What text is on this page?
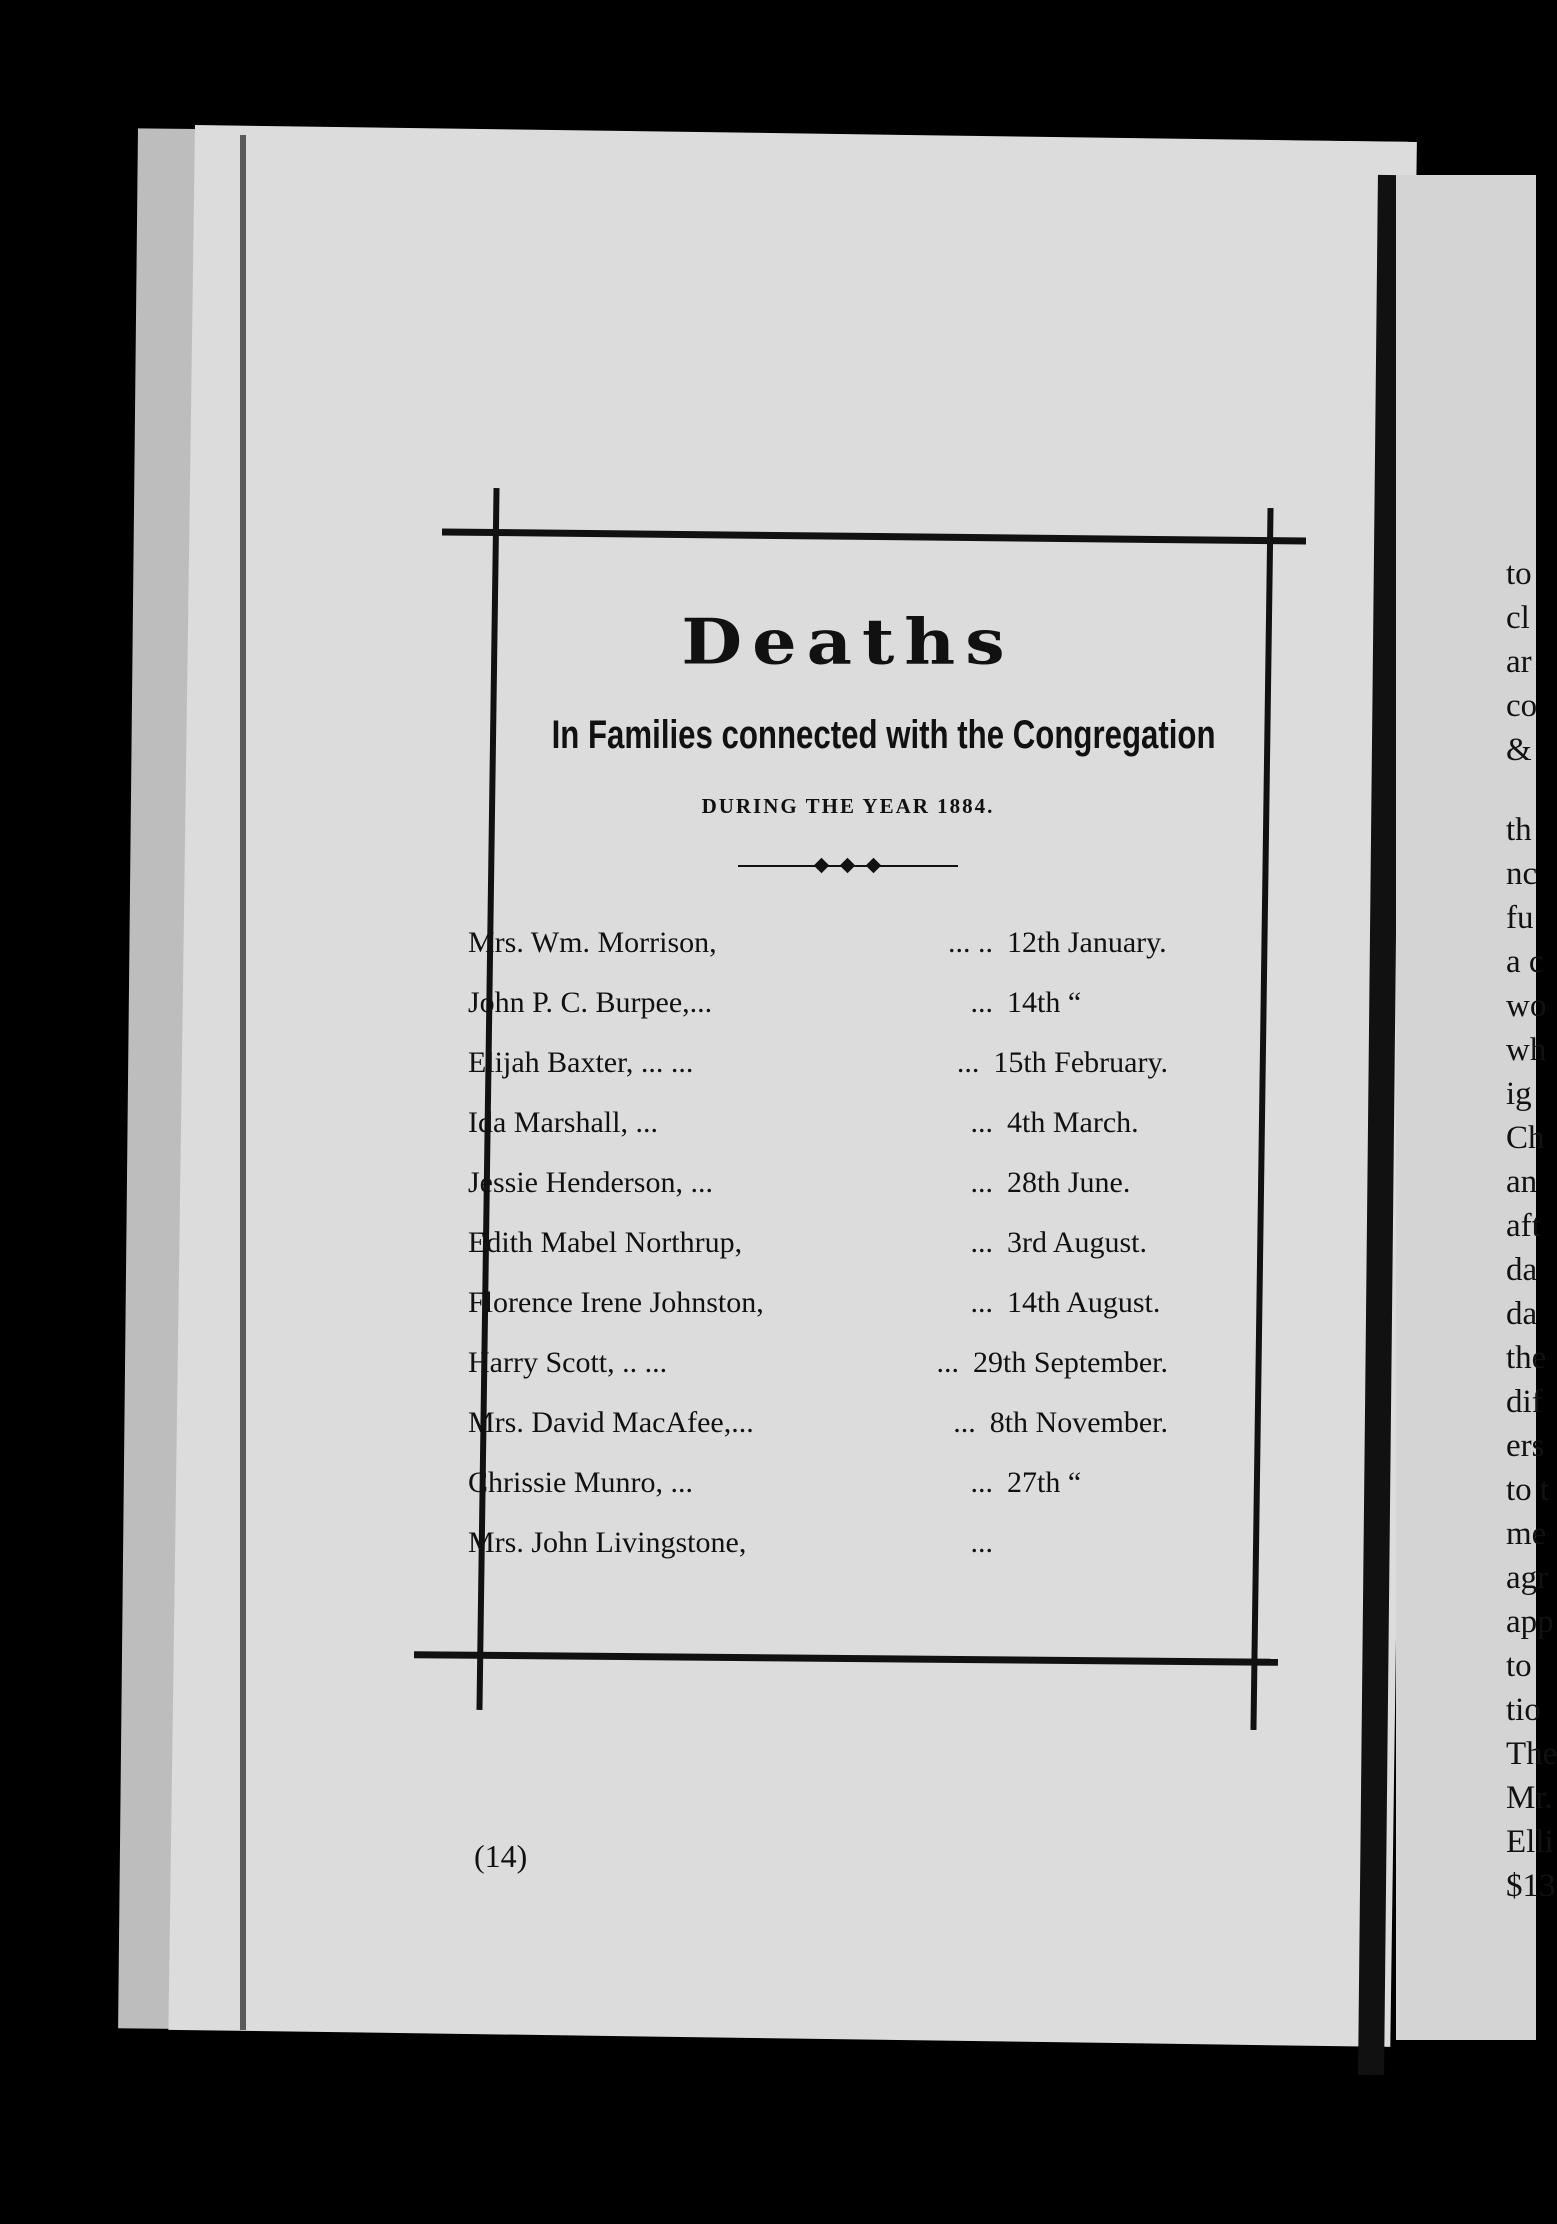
to
cl
ar
co
&
th
nc
fu
a c
wo
wh
ig
Ch
an
aft
da
da
the
dif
ers
to t
me
agr
app
to
tio
The
Mr.
Elli
$13
Deaths
In Families connected with the Congregation
DURING THE YEAR 1884.
Mrs. Wm. Morrison,	... .. 12th January.
John P. C. Burpee,...	... 14th “
Elijah Baxter, ... ...	... 15th February.
Ida Marshall, ...	... 4th March.
Jessie Henderson, ...	... 28th June.
Edith Mabel Northrup,	... 3rd August.
Florence Irene Johnston,	... 14th August.
Harry Scott, .. ...	... 29th September.
Mrs. David MacAfee,...	... 8th November.
Chrissie Munro, ...	... 27th “
Mrs. John Livingstone,	...
(14)
